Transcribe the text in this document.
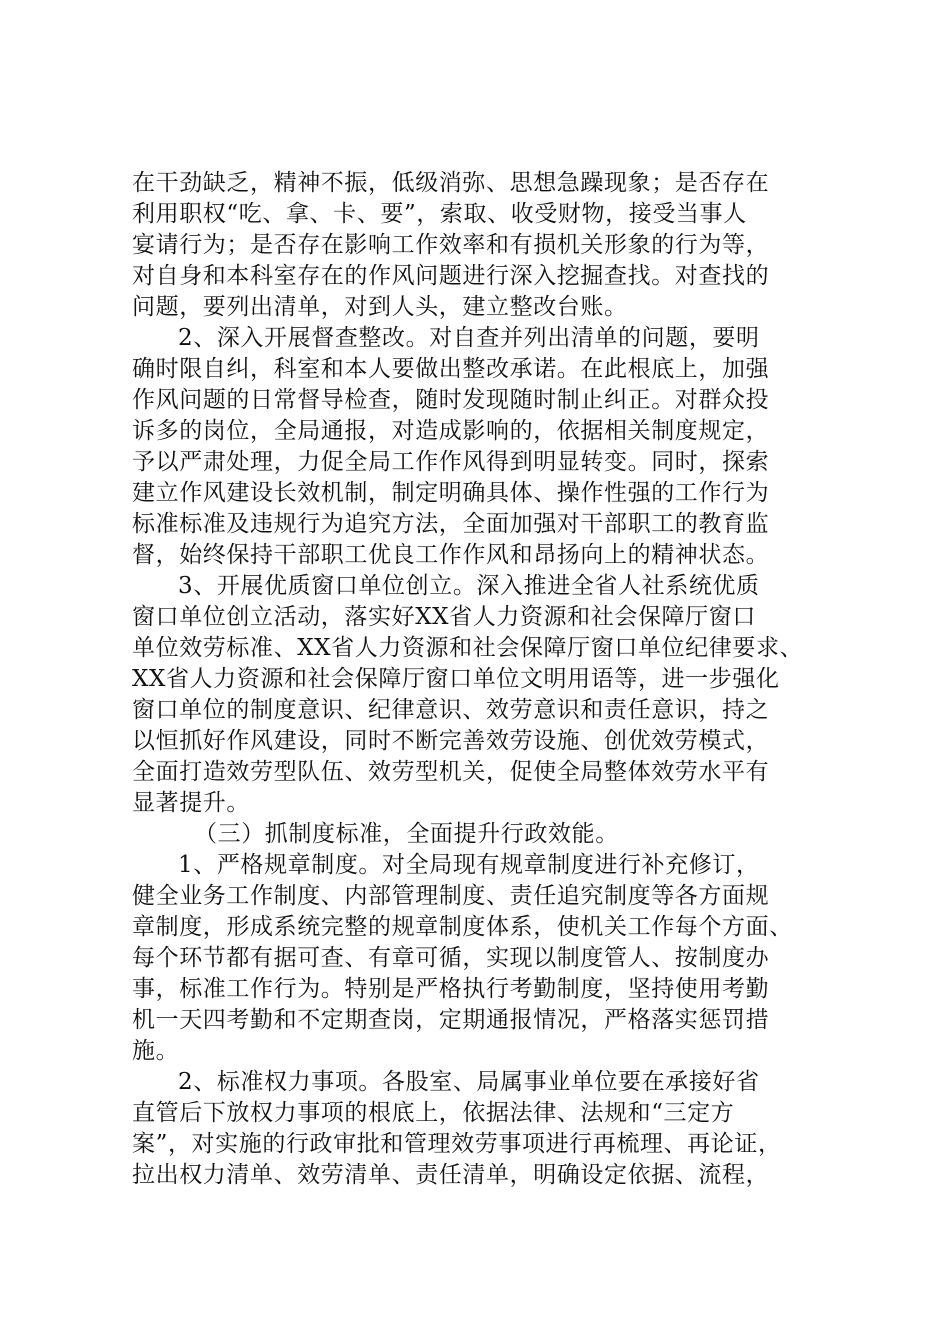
在干劲缺乏，精神不振，低级消弥、思想急躁现象；是否存在
利用职权“吃、拿、卡、要”，索取、收受财物，接受当事人
宴请行为；是否存在影响工作效率和有损机关形象的行为等，
对自身和本科室存在的作风问题进行深入挖掘查找。对查找的
问题，要列出清单，对到人头，建立整改台账。
2、深入开展督查整改。对自查并列出清单的问题，要明
确时限自纠，科室和本人要做出整改承诺。在此根底上，加强
作风问题的日常督导检查，随时发现随时制止纠正。对群众投
诉多的岗位，全局通报，对造成影响的，依据相关制度规定，
予以严肃处理，力促全局工作作风得到明显转变。同时，探索
建立作风建设长效机制，制定明确具体、操作性强的工作行为
标准标准及违规行为追究方法，全面加强对干部职工的教育监
督，始终保持干部职工优良工作作风和昂扬向上的精神状态。
3、开展优质窗口单位创立。深入推进全省人社系统优质
窗口单位创立活动，落实好XX省人力资源和社会保障厅窗口
单位效劳标准、XX省人力资源和社会保障厅窗口单位纪律要求、
XX省人力资源和社会保障厅窗口单位文明用语等，进一步强化
窗口单位的制度意识、纪律意识、效劳意识和责任意识，持之
以恒抓好作风建设，同时不断完善效劳设施、创优效劳模式，
全面打造效劳型队伍、效劳型机关，促使全局整体效劳水平有
显著提升。
（三）抓制度标准，全面提升行政效能。
1、严格规章制度。对全局现有规章制度进行补充修订，
健全业务工作制度、内部管理制度、责任追究制度等各方面规
章制度，形成系统完整的规章制度体系，使机关工作每个方面、
每个环节都有据可查、有章可循，实现以制度管人、按制度办
事，标准工作行为。特别是严格执行考勤制度，坚持使用考勤
机一天四考勤和不定期查岗，定期通报情况，严格落实惩罚措
施。
2、标准权力事项。各股室、局属事业单位要在承接好省
直管后下放权力事项的根底上，依据法律、法规和“三定方
案”，对实施的行政审批和管理效劳事项进行再梳理、再论证，
拉出权力清单、效劳清单、责任清单，明确设定依据、流程，
